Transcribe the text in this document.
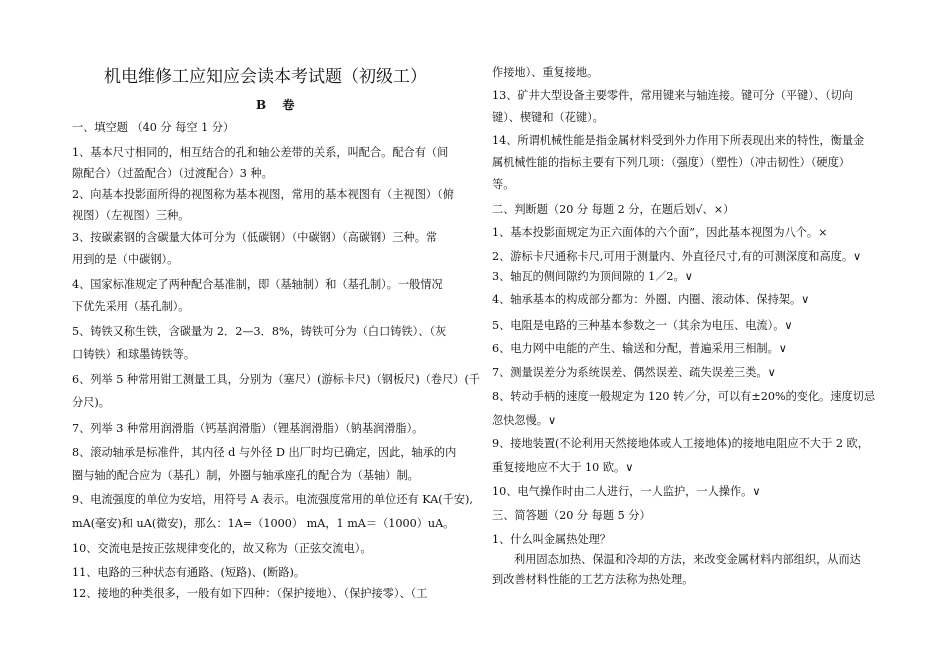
机电维修工应知应会读本考试题（初级工）
B　 卷
一、填空题 （40 分 每空 1 分）
1、基本尺寸相同的，相互结合的孔和轴公差带的关系，叫配合。配合有（间
隙配合）（过盈配合）（过渡配合）3 种。
2、向基本投影面所得的视图称为基本视图，常用的基本视图有（主视图）（俯
视图）（左视图）三种。
3、按碳素钢的含碳量大体可分为（低碳钢）（中碳钢）（高碳钢）三种。常
用到的是（中碳钢）。
4、国家标准规定了两种配合基准制，即（基轴制）和（基孔制）。一般情况
下优先采用（基孔制）。
5、铸铁又称生铁，含碳量为 2．2—3．8%，铸铁可分为（白口铸铁）、（灰
口铸铁）和球墨铸铁等。
6、列举 5 种常用钳工测量工具，分别为（塞尺）(游标卡尺)（钢板尺)（卷尺）(千
分尺)。
7、列举 3 种常用润滑脂（钙基润滑脂）（锂基润滑脂）（钠基润滑脂）。
8、滚动轴承是标准件，其内径 d 与外径 D 出厂时均已确定，因此，轴承的内
圈与轴的配合应为（基孔）制，外圈与轴承座孔的配合为（基轴）制。
9、电流强度的单位为安培，用符号 A 表示。电流强度常用的单位还有 KA(千安),
mA(毫安)和 uA(微安)，那么：1A=（1000） mA，1 mA＝（1000）uA。
10、交流电是按正弦规律变化的，故又称为（正弦交流电）。
11、电路的三种状态有通路、(短路)、(断路)。
12、接地的种类很多，一般有如下四种：（保护接地）、（保护接零）、（工
作接地）、重复接地。
13、矿井大型设备主要零件，常用键来与轴连接。键可分（平键）、（切向
键）、楔键和（花键）。
14、所谓机械性能是指金属材料受到外力作用下所表现出来的特性，衡量金
属机械性能的指标主要有下列几项：（强度）（塑性）（冲击韧性）（硬度）
等。
二、判断题（20 分 每题 2 分，在题后划√、×）
1、基本投影面规定为正六面体的六个面”，因此基本视图为八个。×
2、游标卡尺通称卡尺,可用于测量内、外直径尺寸,有的可测深度和高度。∨
3、轴瓦的侧间隙约为顶间隙的 1／2。∨
4、轴承基本的构成部分都为：外圈、内圈、滚动体、保持架。∨
5、电阻是电路的三种基本参数之一（其余为电压、电流）。∨
6、电力网中电能的产生、输送和分配，普遍采用三相制。∨
7、测量误差分为系统误差、偶然误差、疏失误差三类。∨
8、转动手柄的速度一般规定为 120 转／分，可以有±20%的变化。速度切忌
忽快忽慢。∨
9、接地装置(不论利用天然接地体或人工接地体)的接地电阻应不大于 2 欧，
重复接地应不大于 10 欧。∨
10、电气操作时由二人进行，一人监护，一人操作。∨
三、简答题（20 分 每题 5 分）
1、什么叫金属热处理？
利用固态加热、保温和冷却的方法，来改变金属材料内部组织，从而达
到改善材料性能的工艺方法称为热处理。
